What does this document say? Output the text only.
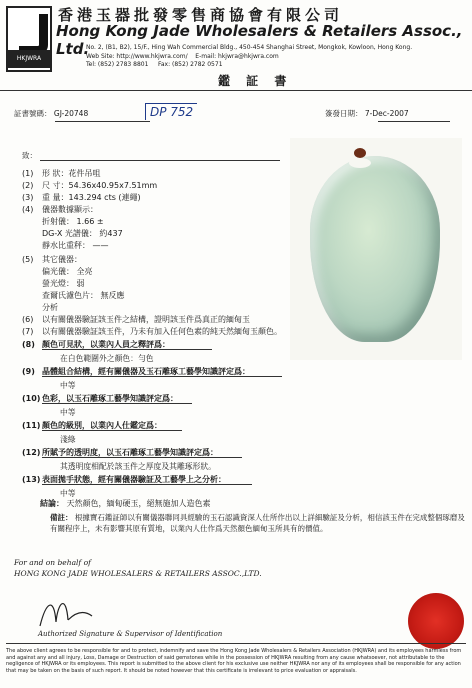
HKJWRA
香港玉器批發零售商協會有限公司
Hong Kong Jade Wholesalers & Retailers Assoc., Ltd.
No. 2, (B1, B2), 15/F., Hing Wah Commercial Bldg., 450-454 Shanghai Street, Mongkok, Kowloon, Hong Kong.
Web Site: http://www.hkjwra.com/ E-mail: hkjwra@hkjwra.com
Tel: (852) 2783 8801 Fax: (852) 2782 0571
鑑 証 書
証書號碼： GJ-20748	DP 752	簽發日期： 7-Dec-2007
致：
(1) 形 狀：花件吊咀
(2) 尺 寸：54.36x40.95x7.51mm
(3) 重 量：143.294 cts (連繩)
(4) 儀器數據顯示：
折射儀： 1.66 ±
DG-X 光譜儀： 約437
靜水比重秤： ——
(5) 其它儀器：
偏光儀： 全亮
螢光燈： 弱
查爾氏濾色片： 無反應
分析
(6) 以有關儀器驗証該玉件之結構，證明該玉件爲真正的緬甸玉
(7) 以有關儀器驗証該玉件，乃未有加入任何色素的純天然緬甸玉顏色。
(8) 顏色可見狀，以業內人員之釋評爲：
在白色範圍外之顏色：勻色
(9) 晶體組合結構，經有關儀器及玉石雕琢工藝學知識評定爲：
中等
(10) 色彩，以玉石雕琢工藝學知識評定爲：
中等
(11) 顏色的級別，以業內人仕鑑定爲：
淺綠
(12) 所賦予的透明度，以玉石雕琢工藝學知識評定爲：
其透明度相配於該玉件之厚度及其雕琢形狀。
(13) 表面拋手狀態，經有關儀器驗証及工藝學上之分析：
中等
結論： 天然顏色，緬甸硬玉，絕無施加人造色素
備註： 根據寶石鑑証師以有關儀器聯同具經驗的玉石認識資深人仕所作出以上詳細驗証及分析，相信該玉件在完成整個琢磨及有關程序上，未有影響其原有質地，以業內人仕作爲天然顏色緬甸玉所具有的價值。
For and on behalf of
HONG KONG JADE WHOLESALERS & RETAILERS ASSOC.,LTD.
Authorized Signature & Supervisor of Identification
The above client agrees to be responsible for and to protect, indemnify and save the Hong Kong Jade Wholesalers & Retailers Association (HKJWRA) and its employees harmless from and against any and all injury, Loss, Damage or Destruction of said gemstones while in the possession of HKJWRA resulting from any cause whatsoever, not attributable to the negligence of HKJWRA or its employees. This report is submitted to the above client for his exclusive use neither HKJWRA nor any of its employees shall be responsible for any action that may be taken on the basis of such report. It should be noted however that this certificate is irrelevant to price evaluation or appraisals.
